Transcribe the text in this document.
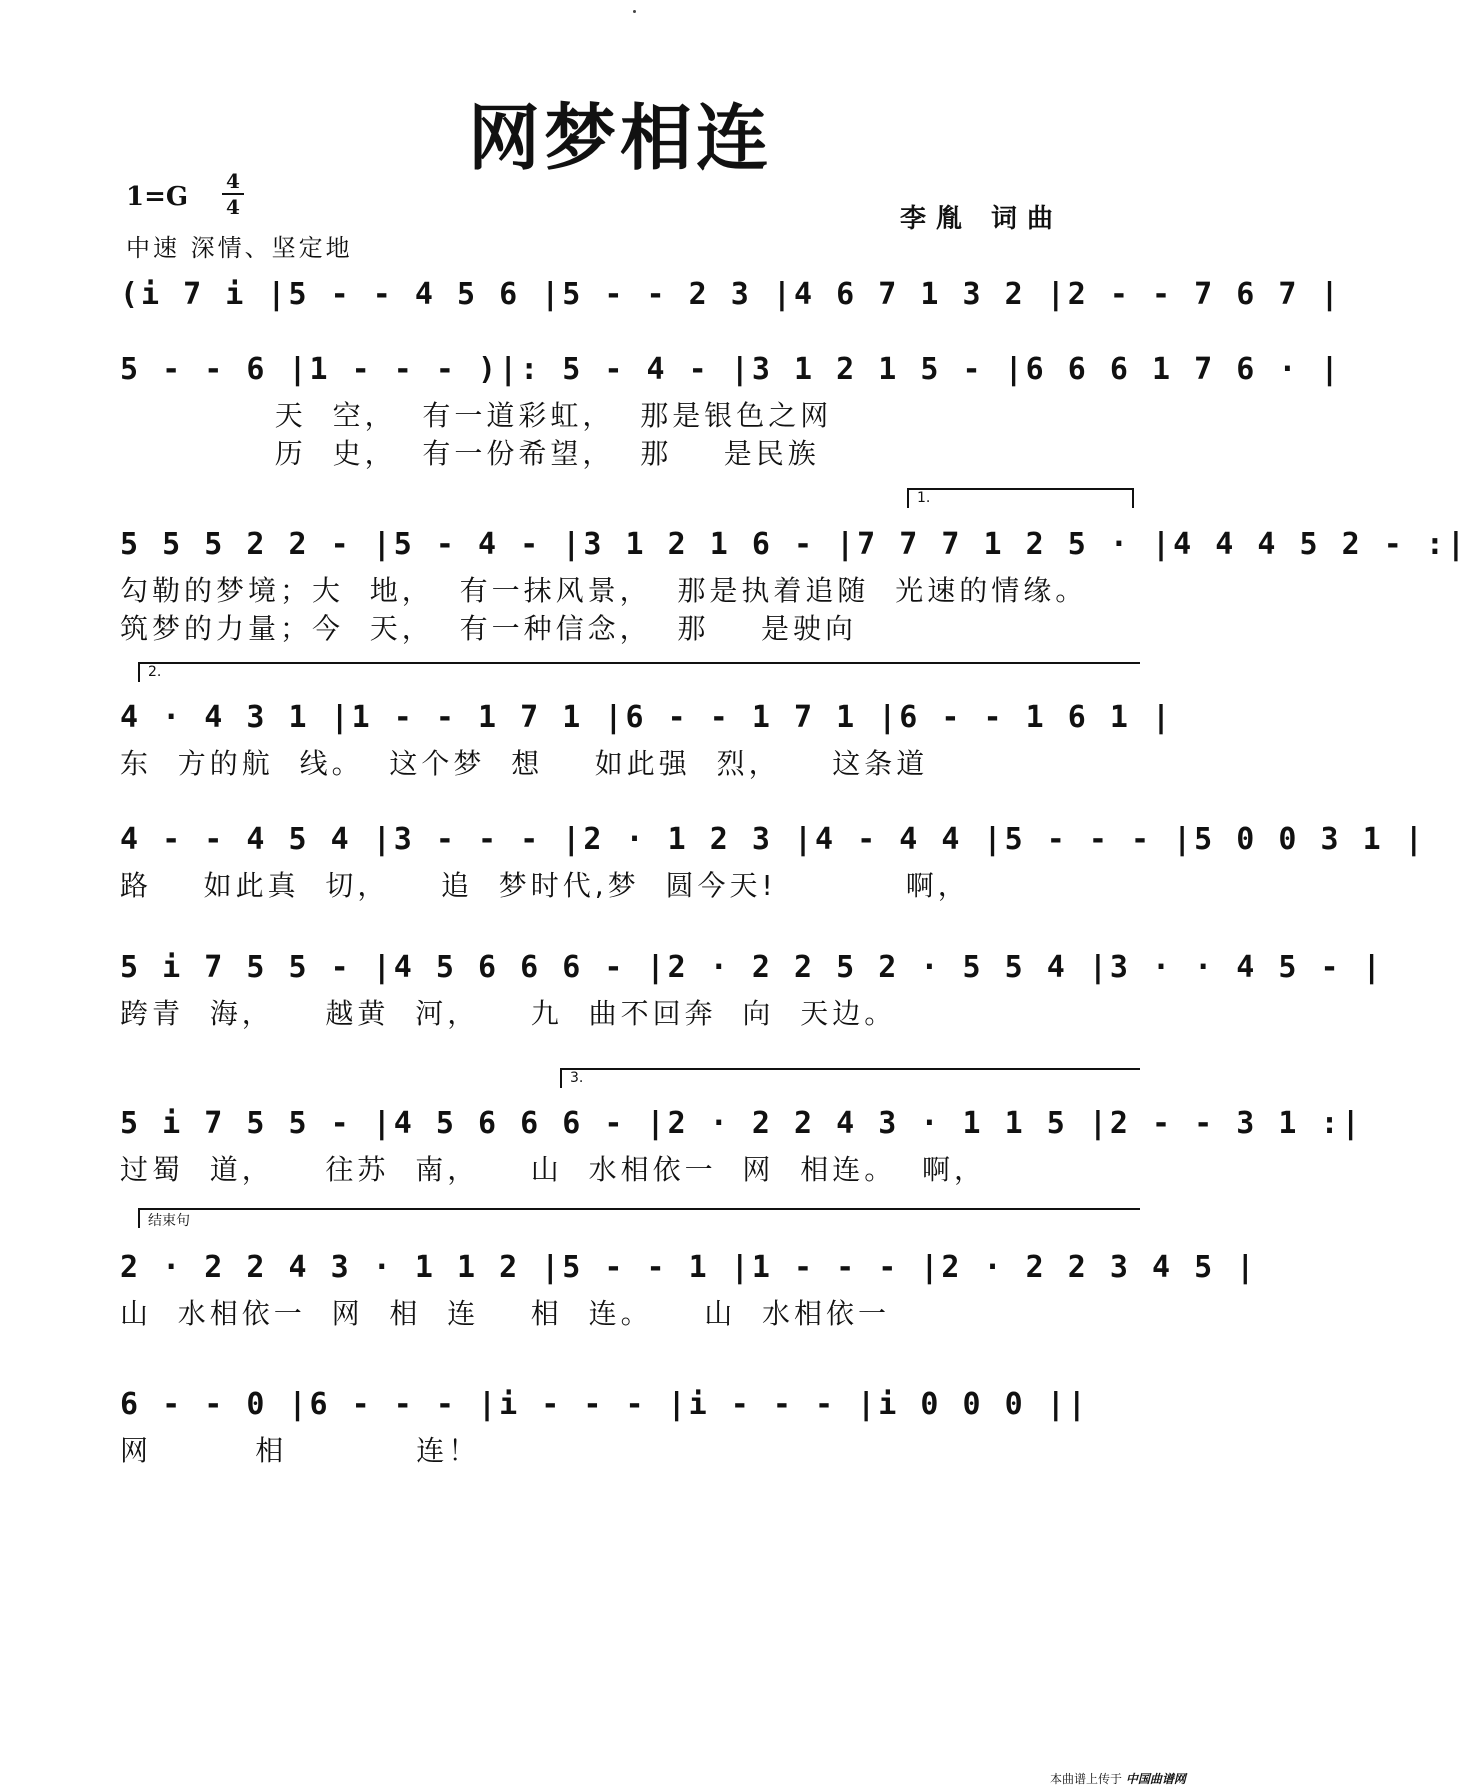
网梦相连
1=G
4
4
中速 深情、坚定地
李胤 词曲
(i 7 i |5 - - 4 5 6 |5 - - 2 3 |4 6 7 1 3 2 |2 - - 7 6 7 |
5 - - 6 |1 - - - )|: 5 - 4 - |3 1 2 1 5 - |6 6 6 1 7 6 · |
天  空，  有一道彩虹，  那是银色之网
历  史，  有一份希望，  那    是民族
1.
5 5 5 2 2 - |5 - 4 - |3 1 2 1 6 - |7 7 7 1 2 5 · |4 4 4 5 2 - :|
勾勒的梦境；大  地，  有一抹风景，  那是执着追随  光速的情缘。
筑梦的力量；今  天，  有一种信念，  那    是驶向
2.
4 · 4 3 1 |1 - - 1 7 1 |6 - - 1 7 1 |6 - - 1 6 1 |
东  方的航  线。  这个梦  想    如此强  烈，    这条道
4 - - 4 5 4 |3 - - - |2 · 1 2 3 |4 - 4 4 |5 - - - |5 0 0 3 1 |
路    如此真  切，    追  梦时代,梦  圆今天!          啊，
5 i 7 5 5 - |4 5 6 6 6 - |2 · 2 2 5 2 · 5 5 4 |3 · · 4 5 - |
跨青  海，    越黄  河，    九  曲不回奔  向  天边。
3.
5 i 7 5 5 - |4 5 6 6 6 - |2 · 2 2 4 3 · 1 1 5 |2 - - 3 1 :|
过蜀  道，    往苏  南，    山  水相依一  网  相连。  啊，
结束句
2 · 2 2 4 3 · 1 1 2 |5 - - 1 |1 - - - |2 · 2 2 3 4 5 |
山  水相依一  网  相  连    相  连。    山  水相依一
6 - - 0 |6 - - - |i - - - |i - - - |i 0 0 0 ||
网        相          连！
本曲谱上传于 中国曲谱网
